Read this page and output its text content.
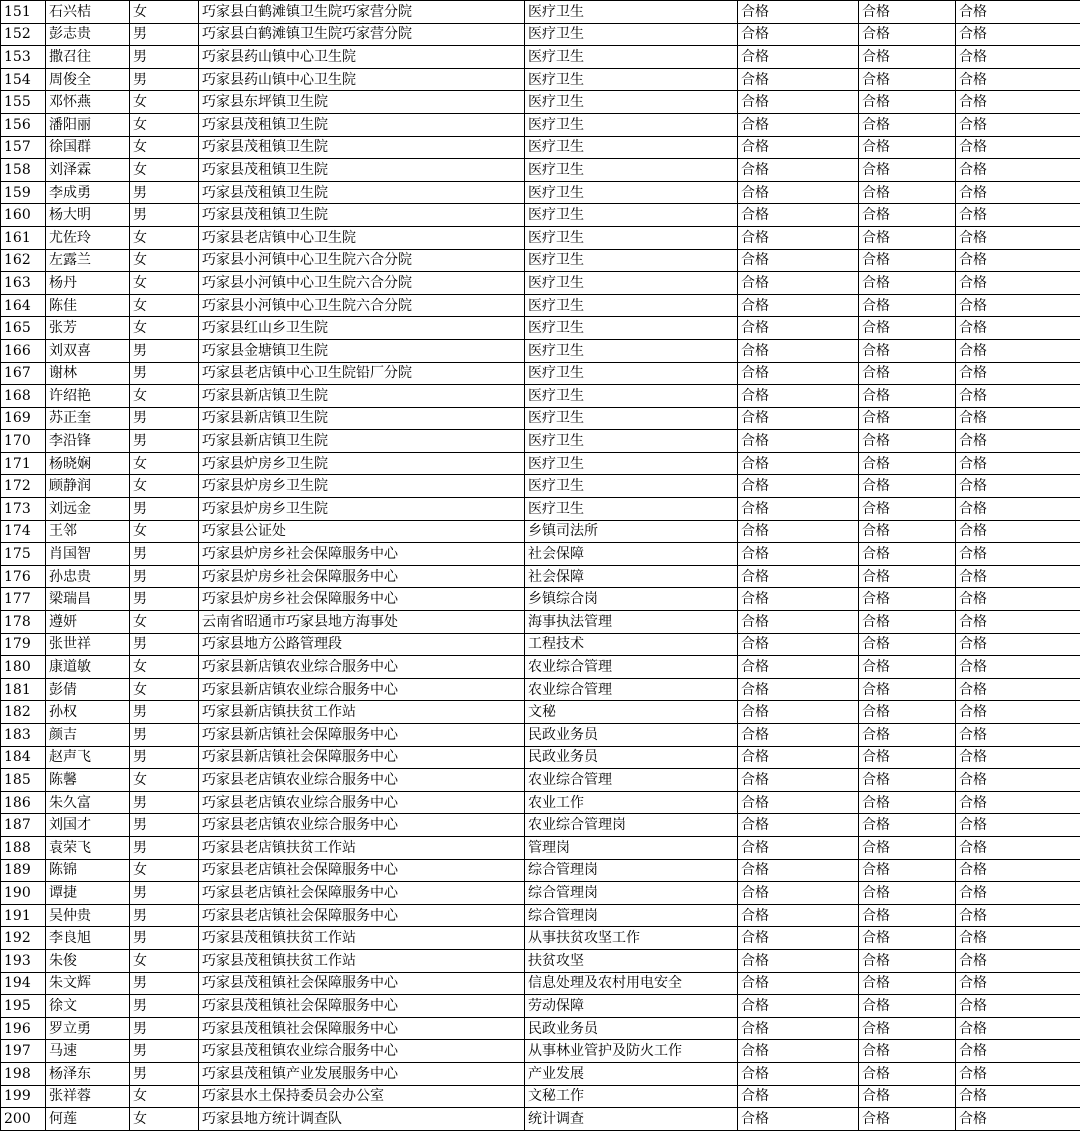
151	石兴桔	女	巧家县白鹤滩镇卫生院巧家营分院	医疗卫生	合格	合格	合格
152	彭志贵	男	巧家县白鹤滩镇卫生院巧家营分院	医疗卫生	合格	合格	合格
153	撒召往	男	巧家县药山镇中心卫生院	医疗卫生	合格	合格	合格
154	周俊全	男	巧家县药山镇中心卫生院	医疗卫生	合格	合格	合格
155	邓怀燕	女	巧家县东坪镇卫生院	医疗卫生	合格	合格	合格
156	潘阳丽	女	巧家县茂租镇卫生院	医疗卫生	合格	合格	合格
157	徐国群	女	巧家县茂租镇卫生院	医疗卫生	合格	合格	合格
158	刘泽霖	女	巧家县茂租镇卫生院	医疗卫生	合格	合格	合格
159	李成勇	男	巧家县茂租镇卫生院	医疗卫生	合格	合格	合格
160	杨大明	男	巧家县茂租镇卫生院	医疗卫生	合格	合格	合格
161	尤佐玲	女	巧家县老店镇中心卫生院	医疗卫生	合格	合格	合格
162	左露兰	女	巧家县小河镇中心卫生院六合分院	医疗卫生	合格	合格	合格
163	杨丹	女	巧家县小河镇中心卫生院六合分院	医疗卫生	合格	合格	合格
164	陈佳	女	巧家县小河镇中心卫生院六合分院	医疗卫生	合格	合格	合格
165	张芳	女	巧家县红山乡卫生院	医疗卫生	合格	合格	合格
166	刘双喜	男	巧家县金塘镇卫生院	医疗卫生	合格	合格	合格
167	谢林	男	巧家县老店镇中心卫生院铅厂分院	医疗卫生	合格	合格	合格
168	许绍艳	女	巧家县新店镇卫生院	医疗卫生	合格	合格	合格
169	苏正奎	男	巧家县新店镇卫生院	医疗卫生	合格	合格	合格
170	李沿锋	男	巧家县新店镇卫生院	医疗卫生	合格	合格	合格
171	杨晓娴	女	巧家县炉房乡卫生院	医疗卫生	合格	合格	合格
172	顾静润	女	巧家县炉房乡卫生院	医疗卫生	合格	合格	合格
173	刘远金	男	巧家县炉房乡卫生院	医疗卫生	合格	合格	合格
174	王邻	女	巧家县公证处	乡镇司法所	合格	合格	合格
175	肖国智	男	巧家县炉房乡社会保障服务中心	社会保障	合格	合格	合格
176	孙忠贵	男	巧家县炉房乡社会保障服务中心	社会保障	合格	合格	合格
177	梁瑞昌	男	巧家县炉房乡社会保障服务中心	乡镇综合岗	合格	合格	合格
178	遵妍	女	云南省昭通市巧家县地方海事处	海事执法管理	合格	合格	合格
179	张世祥	男	巧家县地方公路管理段	工程技术	合格	合格	合格
180	康道敏	女	巧家县新店镇农业综合服务中心	农业综合管理	合格	合格	合格
181	彭倩	女	巧家县新店镇农业综合服务中心	农业综合管理	合格	合格	合格
182	孙权	男	巧家县新店镇扶贫工作站	文秘	合格	合格	合格
183	颜吉	男	巧家县新店镇社会保障服务中心	民政业务员	合格	合格	合格
184	赵声飞	男	巧家县新店镇社会保障服务中心	民政业务员	合格	合格	合格
185	陈馨	女	巧家县老店镇农业综合服务中心	农业综合管理	合格	合格	合格
186	朱久富	男	巧家县老店镇农业综合服务中心	农业工作	合格	合格	合格
187	刘国才	男	巧家县老店镇农业综合服务中心	农业综合管理岗	合格	合格	合格
188	袁荣飞	男	巧家县老店镇扶贫工作站	管理岗	合格	合格	合格
189	陈锦	女	巧家县老店镇社会保障服务中心	综合管理岗	合格	合格	合格
190	谭捷	男	巧家县老店镇社会保障服务中心	综合管理岗	合格	合格	合格
191	吴仲贵	男	巧家县老店镇社会保障服务中心	综合管理岗	合格	合格	合格
192	李良旭	男	巧家县茂租镇扶贫工作站	从事扶贫攻坚工作	合格	合格	合格
193	朱俊	女	巧家县茂租镇扶贫工作站	扶贫攻坚	合格	合格	合格
194	朱文辉	男	巧家县茂租镇社会保障服务中心	信息处理及农村用电安全	合格	合格	合格
195	徐文	男	巧家县茂租镇社会保障服务中心	劳动保障	合格	合格	合格
196	罗立勇	男	巧家县茂租镇社会保障服务中心	民政业务员	合格	合格	合格
197	马速	男	巧家县茂租镇农业综合服务中心	从事林业管护及防火工作	合格	合格	合格
198	杨泽东	男	巧家县茂租镇产业发展服务中心	产业发展	合格	合格	合格
199	张祥蓉	女	巧家县水土保持委员会办公室	文秘工作	合格	合格	合格
200	何莲	女	巧家县地方统计调查队	统计调查	合格	合格	合格
